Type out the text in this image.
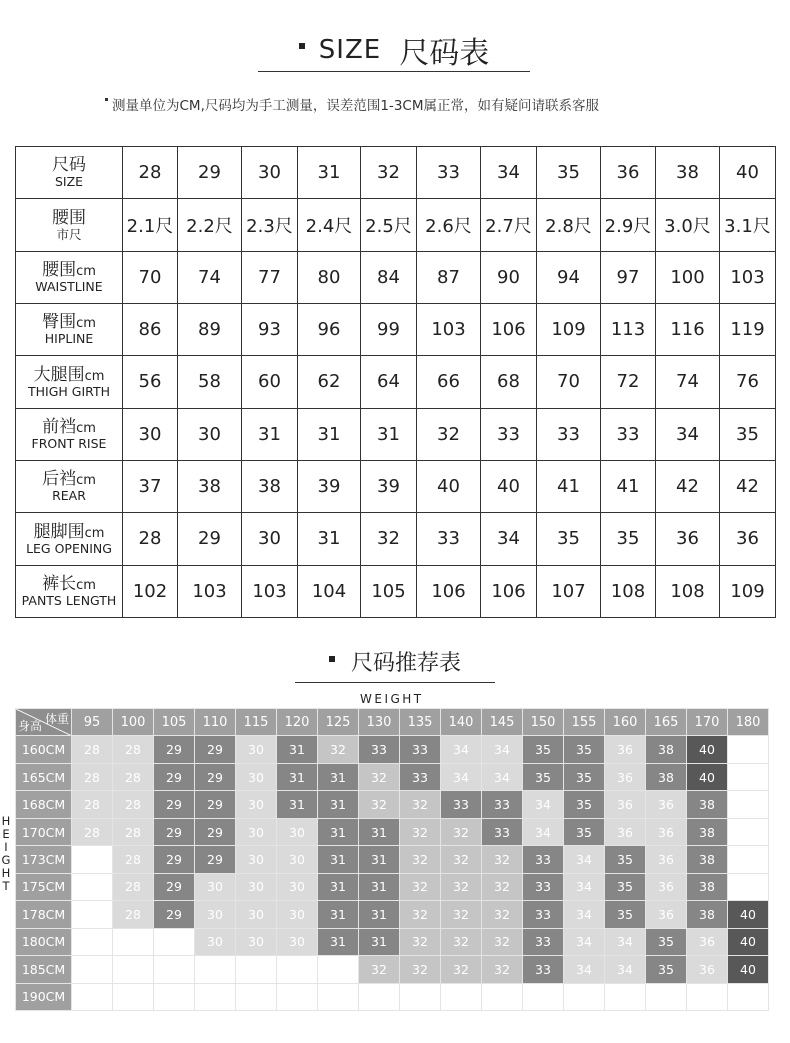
SIZE 尺码表
测量单位为CM,尺码均为手工测量，误差范围1-3CM属正常，如有疑问请联系客服
尺码
SIZE	28	29	30	31	32	33	34	35	36	38	40
腰围
市尺	2.1尺	2.2尺	2.3尺	2.4尺	2.5尺	2.6尺	2.7尺	2.8尺	2.9尺	3.0尺	3.1尺
腰围cm
WAISTLINE	70	74	77	80	84	87	90	94	97	100	103
臀围cm
HIPLINE	86	89	93	96	99	103	106	109	113	116	119
大腿围cm
THIGH GIRTH	56	58	60	62	64	66	68	70	72	74	76
前裆cm
FRONT RISE	30	30	31	31	31	32	33	33	33	34	35
后裆cm
REAR	37	38	38	39	39	40	40	41	41	42	42
腿脚围cm
LEG OPENING	28	29	30	31	32	33	34	35	35	36	36
裤长cm
PANTS LENGTH	102	103	103	104	105	106	106	107	108	108	109
尺码推荐表
WEIGHT
H
E
I
G
H
T
体重
身高	95	100	105	110	115	120	125	130	135	140	145	150	155	160	165	170	180
160CM	28	28	29	29	30	31	32	33	33	34	34	35	35	36	38	40	
165CM	28	28	29	29	30	31	31	32	33	34	34	35	35	36	38	40	
168CM	28	28	29	29	30	31	31	32	32	33	33	34	35	36	36	38	
170CM	28	28	29	29	30	30	31	31	32	32	33	34	35	36	36	38	
173CM		28	29	29	30	30	31	31	32	32	32	33	34	35	36	38	
175CM		28	29	30	30	30	31	31	32	32	32	33	34	35	36	38	
178CM		28	29	30	30	30	31	31	32	32	32	33	34	35	36	38	40
180CM				30	30	30	31	31	32	32	32	33	34	34	35	36	40
185CM								32	32	32	32	33	34	34	35	36	40
190CM																	
